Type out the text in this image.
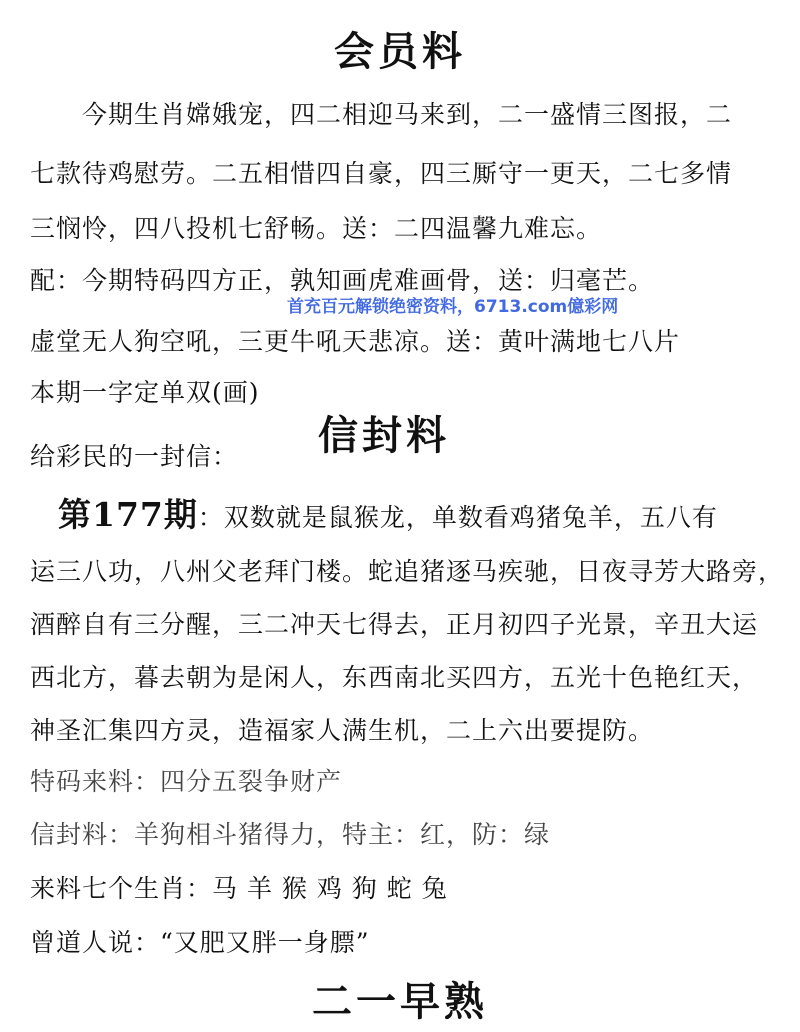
会员料
今期生肖嫦娥宠，四二相迎马来到，二一盛情三图报，二
七款待鸡慰劳。二五相惜四自豪，四三厮守一更天，二七多情
三悯怜，四八投机七舒畅。送：二四温馨九难忘。
配：今期特码四方正，孰知画虎难画骨，送：归毫芒。
首充百元解锁绝密资料，6713.com億彩网
虚堂无人狗空吼，三更牛吼天悲凉。送：黄叶满地七八片
本期一字定单双(画)
给彩民的一封信：	信封料
第177期：双数就是鼠猴龙，单数看鸡猪兔羊，五八有
运三八功，八州父老拜门楼。蛇追猪逐马疾驰，日夜寻芳大路旁，
酒醉自有三分醒，三二冲天七得去，正月初四子光景，辛丑大运
西北方，暮去朝为是闲人，东西南北买四方，五光十色艳红天，
神圣汇集四方灵，造福家人满生机，二上六出要提防。
特码来料：四分五裂争财产
信封料：羊狗相斗猪得力，特主：红，防：绿
来料七个生肖：马 羊 猴 鸡 狗 蛇 兔
曾道人说：“又肥又胖一身膘”
二一早熟
